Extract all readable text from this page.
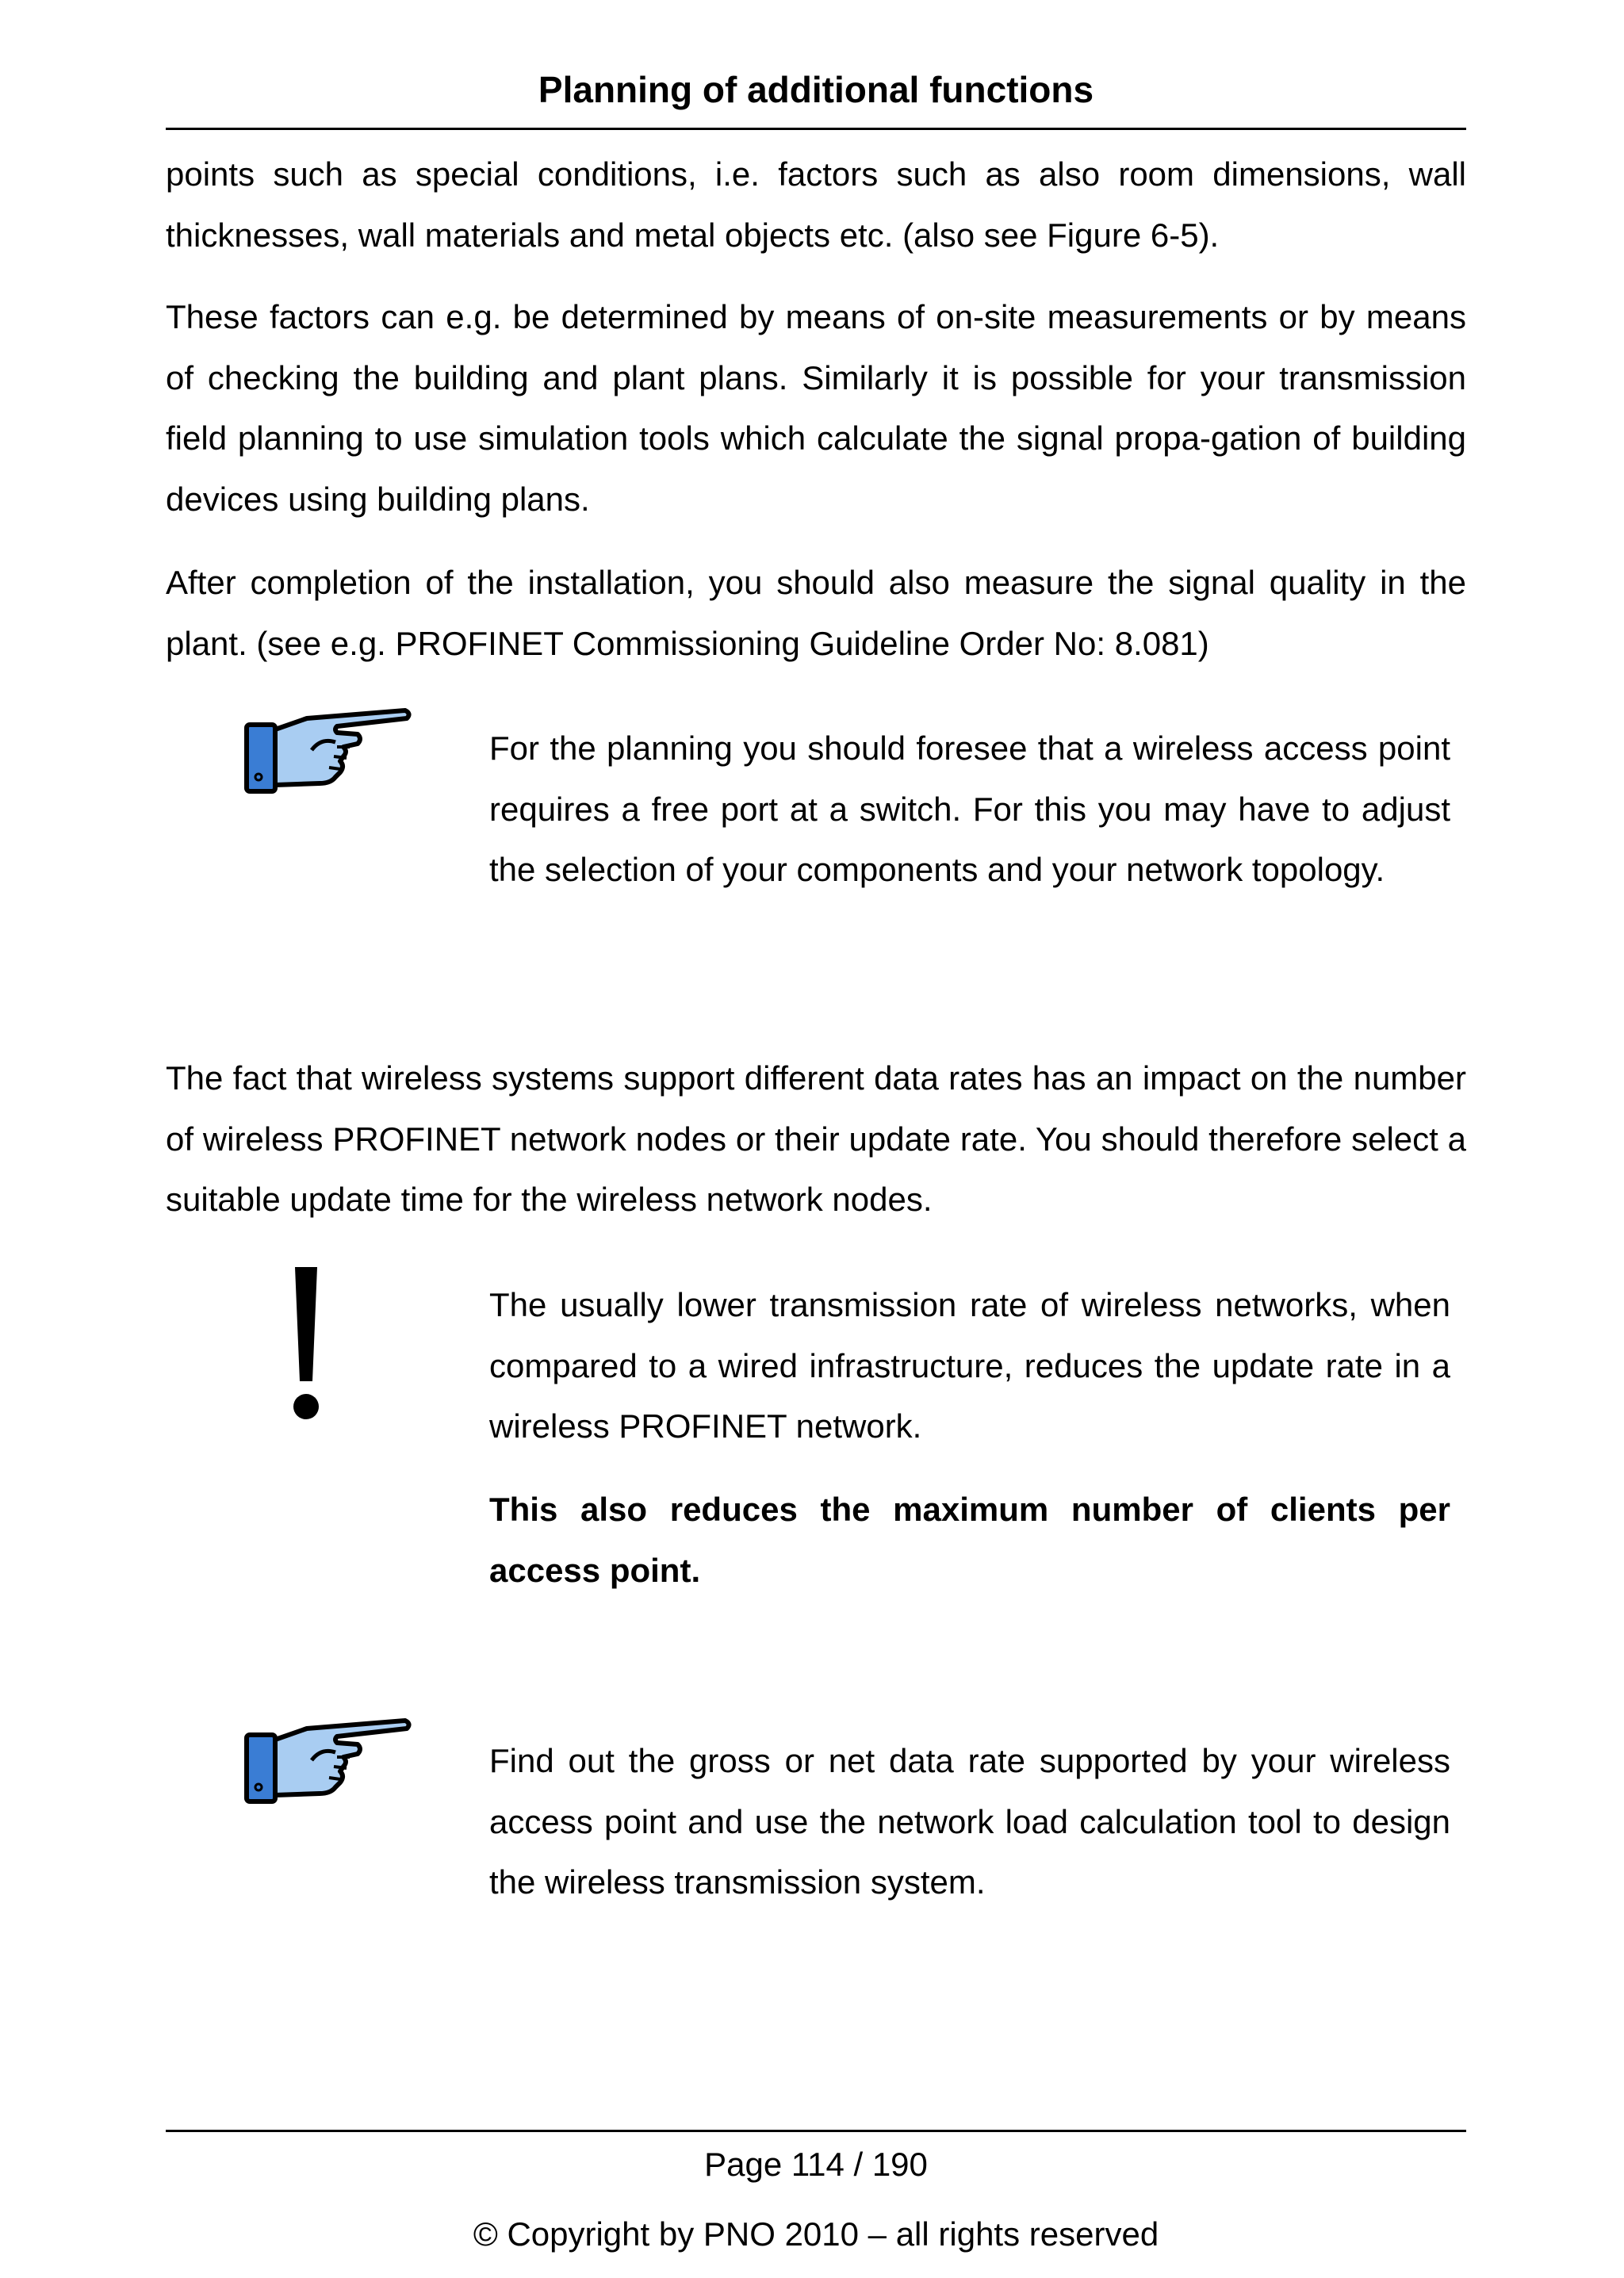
Planning of additional functions

points such as special conditions, i.e. factors such as also room dimensions, wall thicknesses, wall materials and metal objects etc. (also see Figure 6-5).

These factors can e.g. be determined by means of on-site measurements or by means of checking the building and plant plans. Similarly it is possible for your transmission field planning to use simulation tools which calculate the signal propa-gation of building devices using building plans.

After completion of the installation, you should also measure the signal quality in the plant. (see e.g. PROFINET Commissioning Guideline Order No: 8.081)

For the planning you should foresee that a wireless access point requires a free port at a switch. For this you may have to adjust the selection of your components and your network topology.

The fact that wireless systems support different data rates has an impact on the number of wireless PROFINET network nodes or their update rate. You should therefore select a suitable update time for the wireless network nodes.

The usually lower transmission rate of wireless networks, when compared to a wired infrastructure, reduces the update rate in a wireless PROFINET network.

This also reduces the maximum number of clients per access point.

Find out the gross or net data rate supported by your wireless access point and use the network load calculation tool to design the wireless transmission system.

Page 114 / 190
© Copyright by PNO 2010 – all rights reserved
